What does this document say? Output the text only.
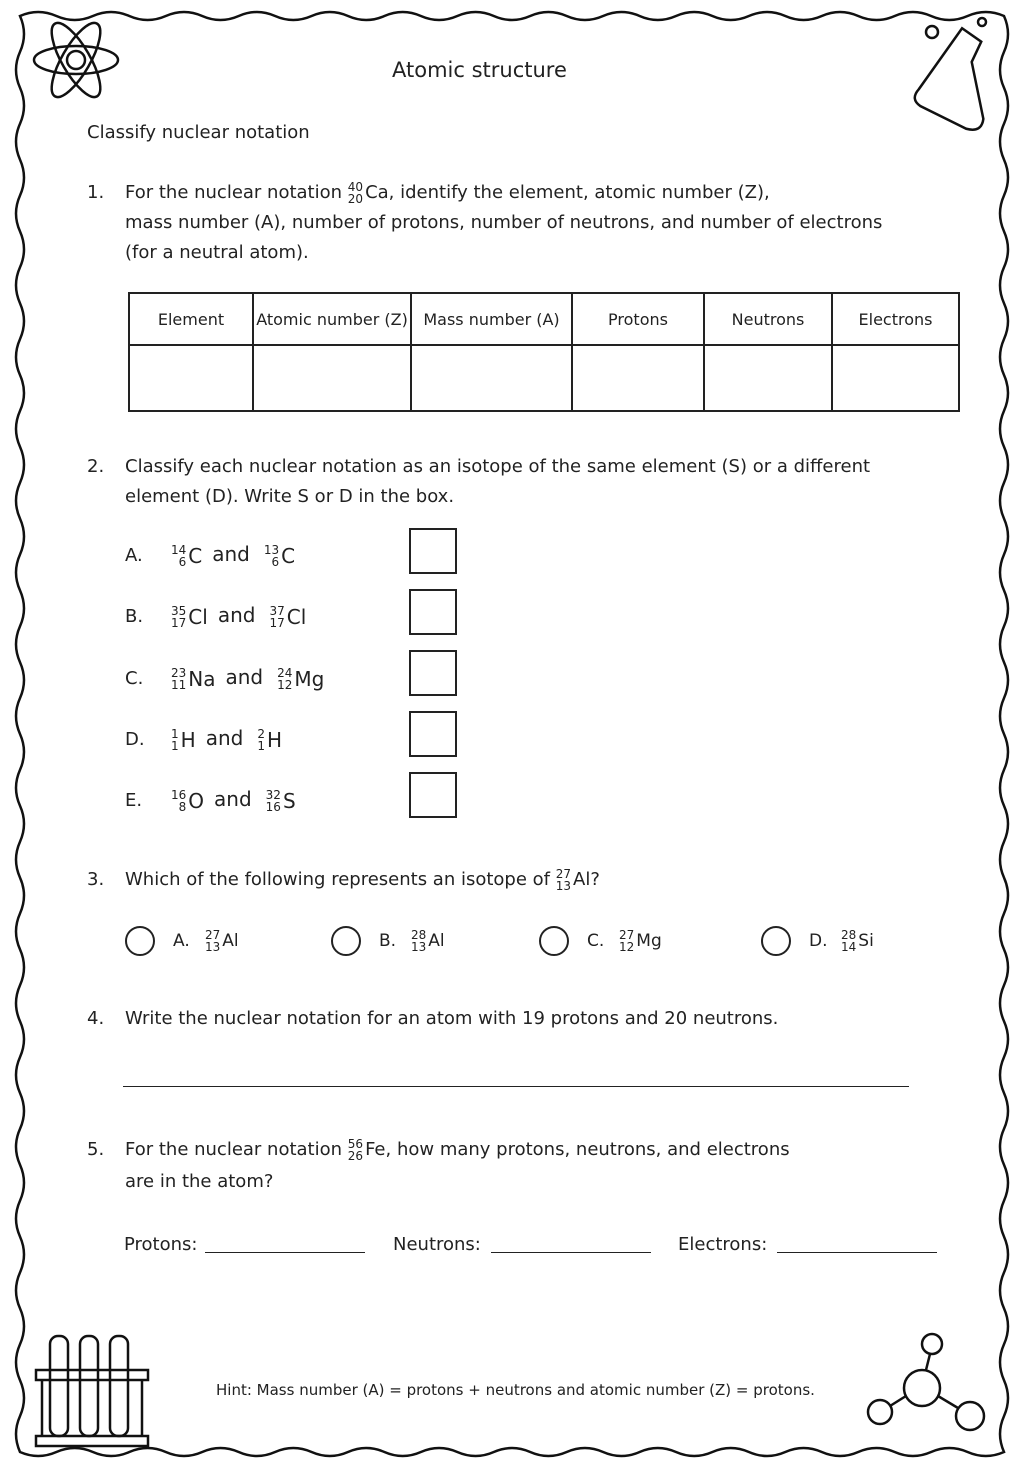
Atomic structure
Classify nuclear notation
1. For the nuclear notation 40
20 Ca , identify the element, atomic number (Z),
mass number (A), number of protons, number of neutrons, and number of electrons
(for a neutral atom).
Element	Atomic number (Z)	Mass number (A)	Protons	Neutrons	Electrons

2. Classify each nuclear notation as an isotope of the same element (S) or a different
element (D). Write S or D in the box.
A. 14
6 C and 13
6 C
B. 35
17 Cl and 37
17 Cl
C. 23
11 Na and 24
12 Mg
D. 1
1 H and 2
1 H
E. 16
8 O and 32
16 S
3. Which of the following represents an isotope of 27
13 Al ?
A. 27
13 Al	B. 28
13 Al	C. 27
12 Mg	D. 28
14 Si
4. Write the nuclear notation for an atom with 19 protons and 20 neutrons.
5. For the nuclear notation 56
26 Fe , how many protons, neutrons, and electrons
are in the atom?
Protons:	Neutrons:	Electrons:
Hint: Mass number (A) = protons + neutrons and atomic number (Z) = protons.
